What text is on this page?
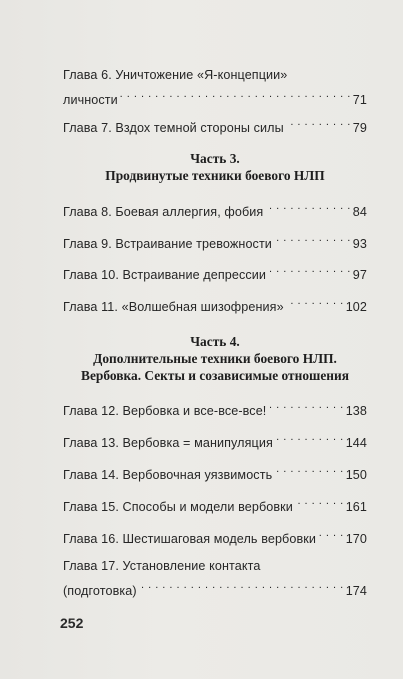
Глава 6. Уничтожение «Я-концепции»
личности . . .	71
Глава 7. Вздох темной стороны силы . . .	79
Часть 3.
Продвинутые техники боевого НЛП
Глава 8. Боевая аллергия, фобия . . .	84
Глава 9. Встраивание тревожности . . .	93
Глава 10. Встраивание депрессии . . .	97
Глава 11. «Волшебная шизофрения» . . .	102
Часть 4.
Дополнительные техники боевого НЛП.
Вербовка. Секты и созависимые отношения
Глава 12. Вербовка и все-все-все! . . .	138
Глава 13. Вербовка = манипуляция . . .	144
Глава 14. Вербовочная уязвимость . . .	150
Глава 15. Способы и модели вербовки . . .	161
Глава 16. Шестишаговая модель вербовки . . . 170
Глава 17. Установление контакта
(подготовка) . . .	174
252
